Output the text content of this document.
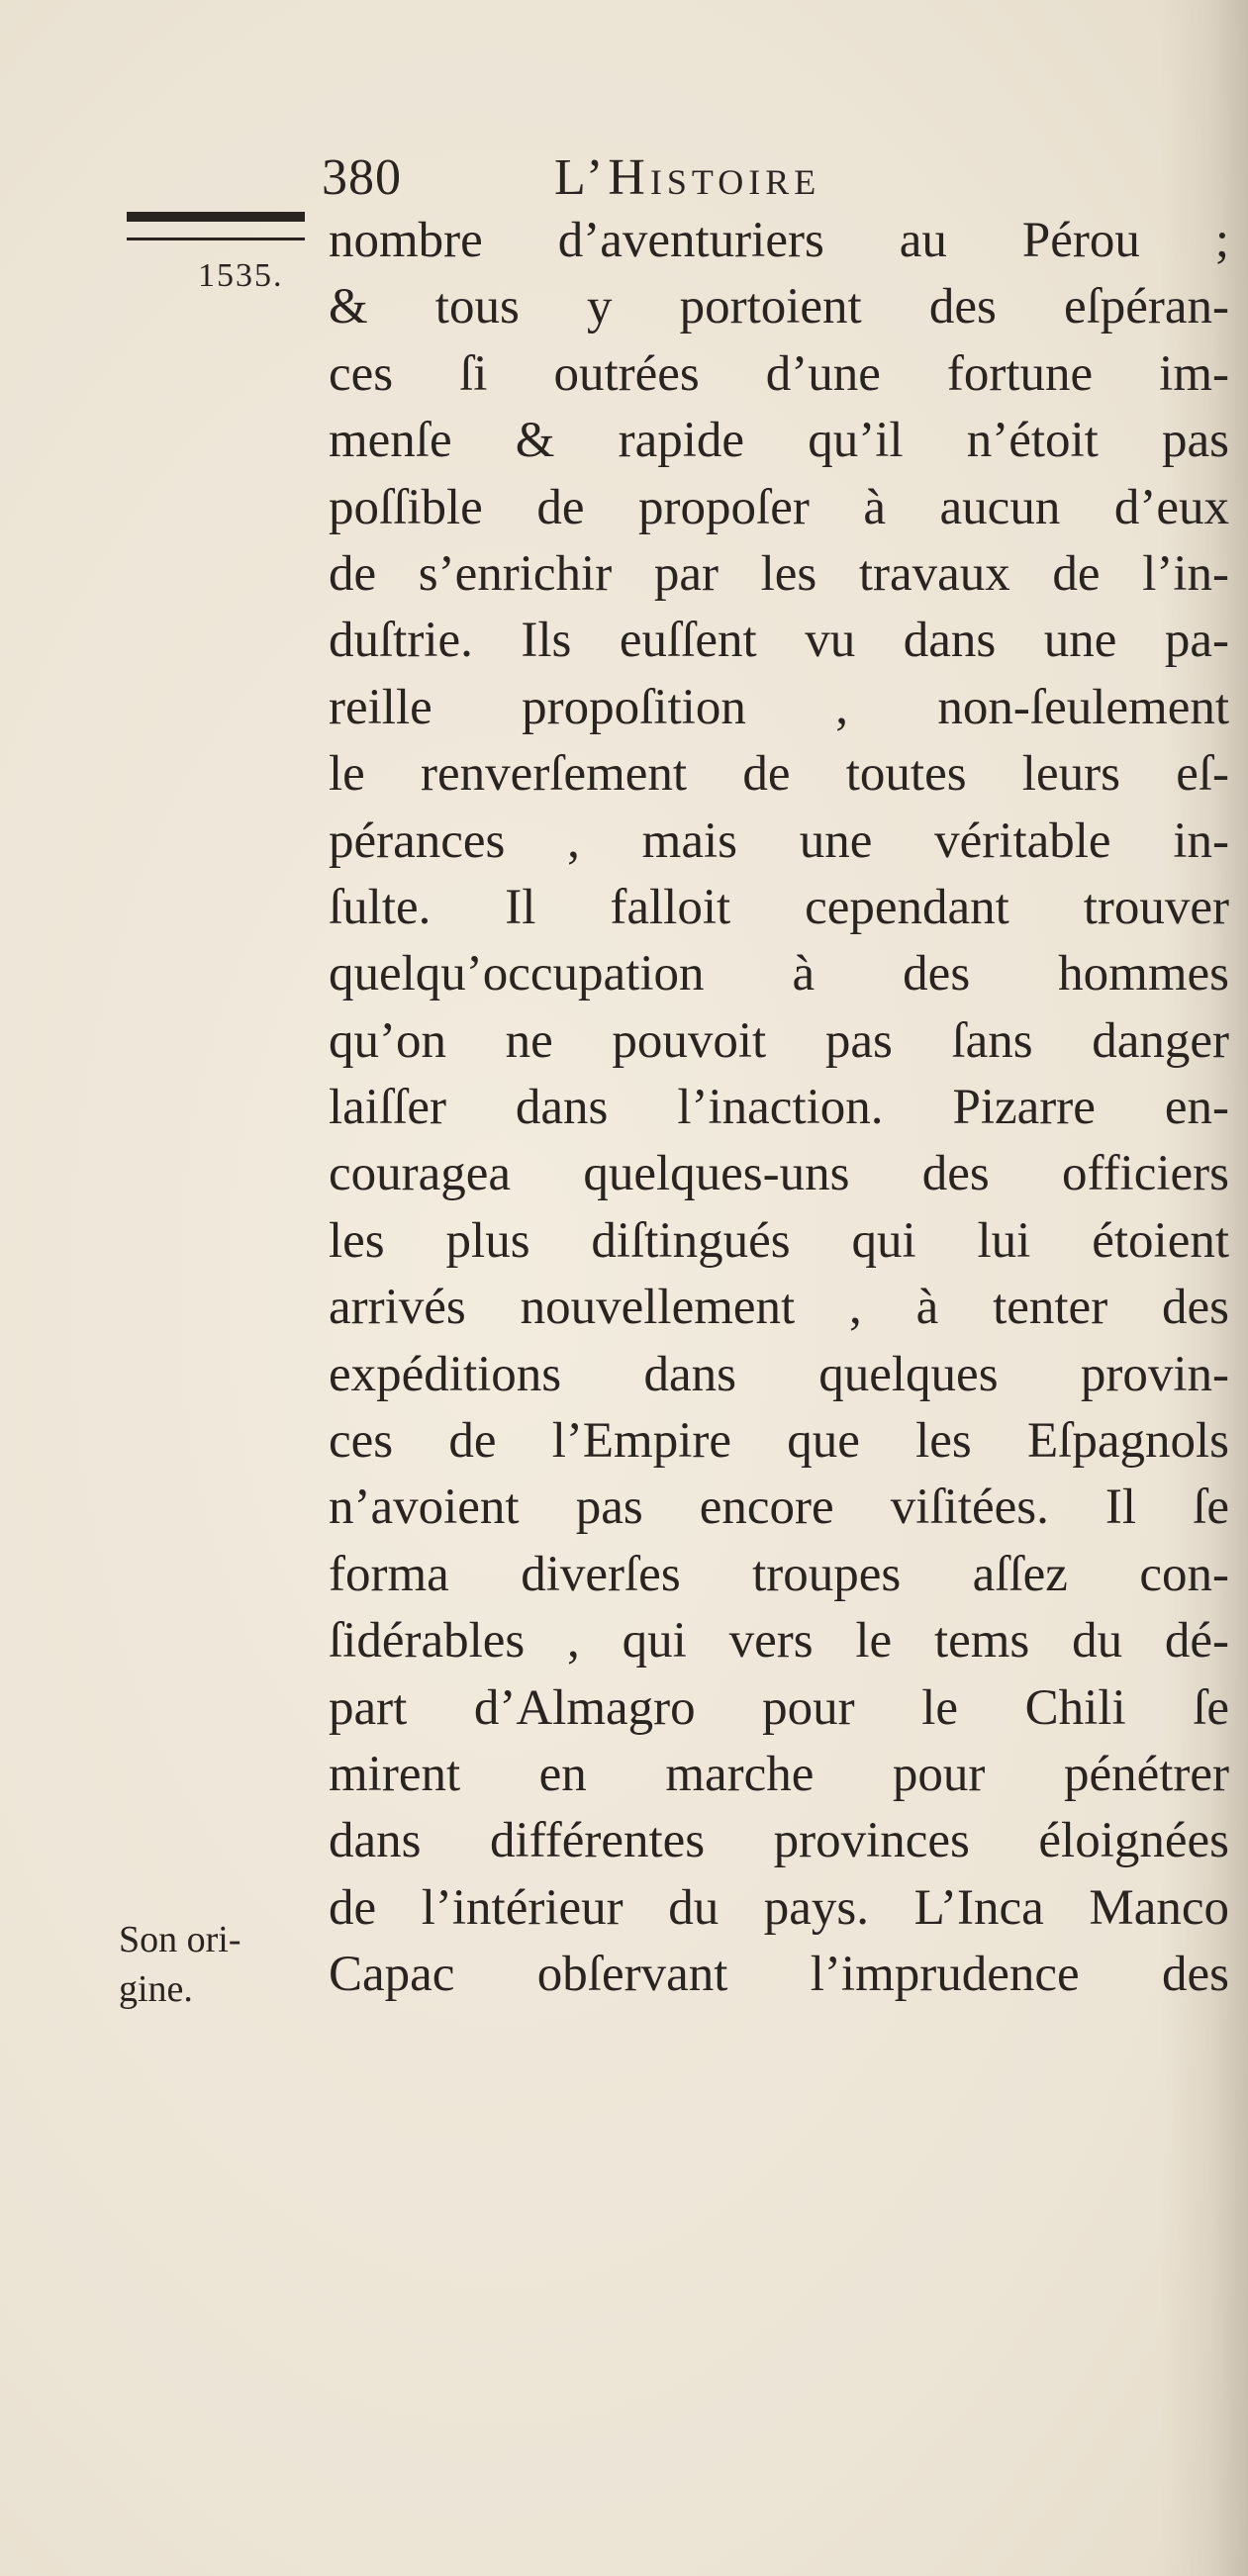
380	L’Histoire
1535.
nombre d’aventuriers au Pérou ;
& tous y portoient des eſpéran-
ces ſi outrées d’une fortune im-
menſe & rapide qu’il n’étoit pas
poſſible de propoſer à aucun d’eux
de s’enrichir par les travaux de l’in-
duſtrie. Ils euſſent vu dans une pa-
reille propoſition , non-ſeulement
le renverſement de toutes leurs eſ-
pérances , mais une véritable in-
ſulte. Il falloit cependant trouver
quelqu’occupation à des hommes
qu’on ne pouvoit pas ſans danger
laiſſer dans l’inaction. Pizarre en-
couragea quelques-uns des officiers
les plus diſtingués qui lui étoient
arrivés nouvellement , à tenter des
expéditions dans quelques provin-
ces de l’Empire que les Eſpagnols
n’avoient pas encore viſitées. Il ſe
forma diverſes troupes aſſez con-
ſidérables , qui vers le tems du dé-
part d’Almagro pour le Chili ſe
mirent en marche pour pénétrer
dans différentes provinces éloignées
de l’intérieur du pays. L’Inca Manco
Capac obſervant l’imprudence des
Son ori-
gine.
